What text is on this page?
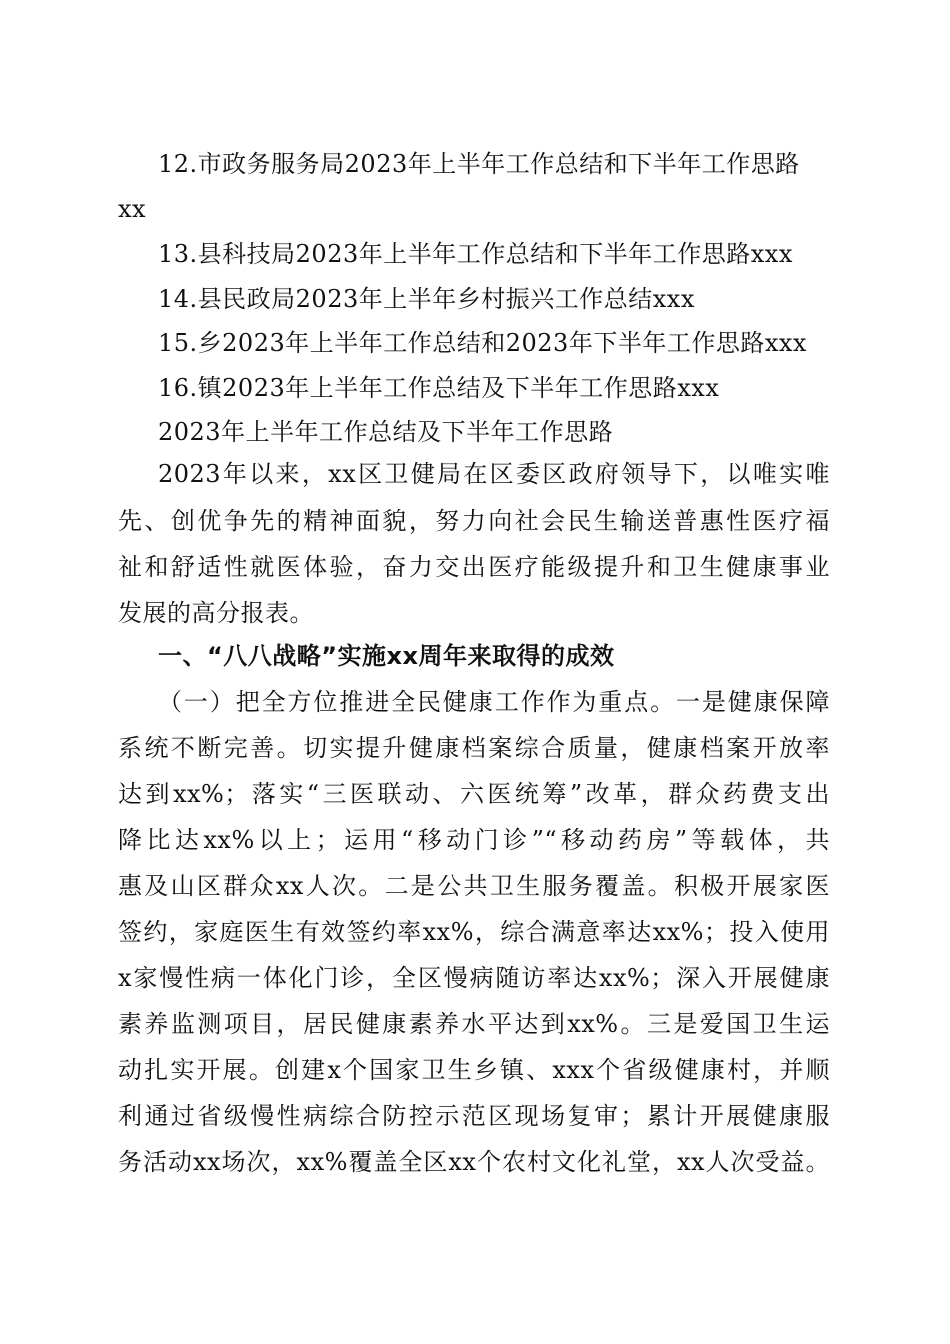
12.市政务服务局2023年上半年工作总结和下半年工作思路
xx
13.县科技局2023年上半年工作总结和下半年工作思路xxx
14.县民政局2023年上半年乡村振兴工作总结xxx
15.乡2023年上半年工作总结和2023年下半年工作思路xxx
16.镇2023年上半年工作总结及下半年工作思路xxx
2023年上半年工作总结及下半年工作思路
2023年以来，xx区卫健局在区委区政府领导下，以唯实唯
先、创优争先的精神面貌，努力向社会民生输送普惠性医疗福
祉和舒适性就医体验，奋力交出医疗能级提升和卫生健康事业
发展的高分报表。
一、“八八战略”实施xx周年来取得的成效
（一）把全方位推进全民健康工作作为重点。一是健康保障
系统不断完善。切实提升健康档案综合质量，健康档案开放率
达到xx%；落实“三医联动、六医统筹”改革，群众药费支出
降比达xx%以上；运用“移动门诊”“移动药房”等载体，共
惠及山区群众xx人次。二是公共卫生服务覆盖。积极开展家医
签约，家庭医生有效签约率xx%，综合满意率达xx%；投入使用
x家慢性病一体化门诊，全区慢病随访率达xx%；深入开展健康
素养监测项目，居民健康素养水平达到xx%。三是爱国卫生运
动扎实开展。创建x个国家卫生乡镇、xxx个省级健康村，并顺
利通过省级慢性病综合防控示范区现场复审；累计开展健康服
务活动xx场次，xx%覆盖全区xx个农村文化礼堂，xx人次受益。
